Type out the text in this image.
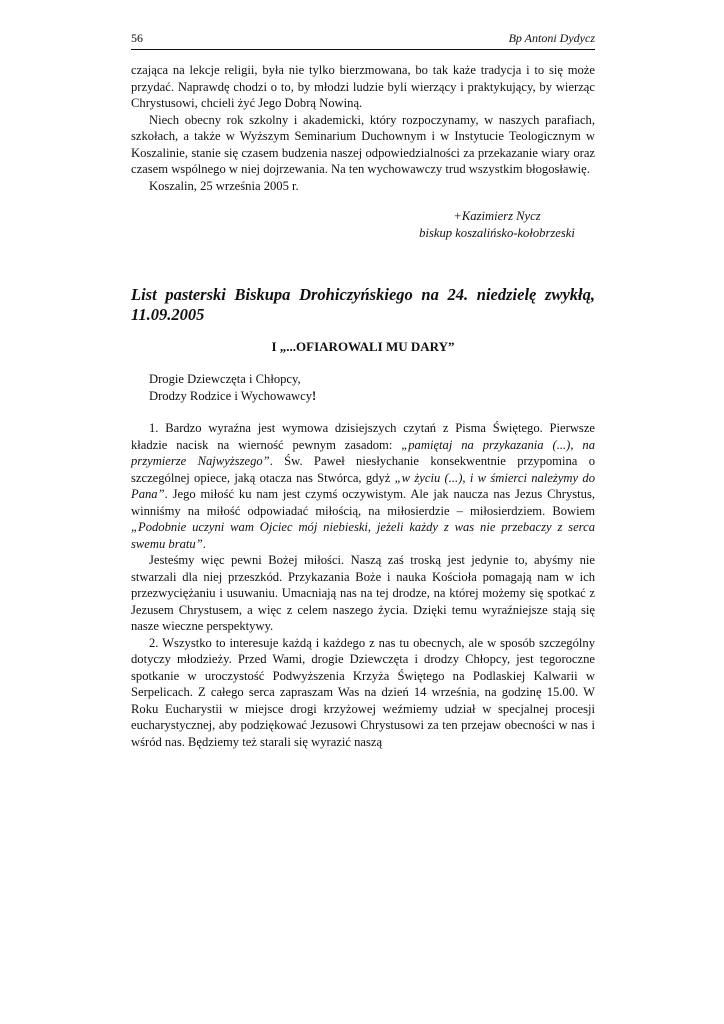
56	Bp Antoni Dydycz

czająca na lekcje religii, była nie tylko bierzmowana, bo tak każe tradycja i to się może przydać. Naprawdę chodzi o to, by młodzi ludzie byli wierzący i praktykujący, by wierząc Chrystusowi, chcieli żyć Jego Dobrą Nowiną.

Niech obecny rok szkolny i akademicki, który rozpoczynamy, w naszych parafiach, szkołach, a także w Wyższym Seminarium Duchownym i w Instytucie Teologicznym w Koszalinie, stanie się czasem budzenia naszej odpowiedzialności za przekazanie wiary oraz czasem wspólnego w niej dojrzewania. Na ten wychowawczy trud wszystkim błogosławię.

Koszalin, 25 września 2005 r.

+Kazimierz Nycz

biskup koszalińsko-kołobrzeski

List pasterski Biskupa Drohiczyńskiego na 24. niedzielę zwykłą, 11.09.2005
I „...OFIAROWALI MU DARY”

Drogie Dziewczęta i Chłopcy,

Drodzy Rodzice i Wychowawcy!

1. Bardzo wyraźna jest wymowa dzisiejszych czytań z Pisma Świętego. Pierwsze kładzie nacisk na wierność pewnym zasadom: „pamiętaj na przykazania (...), na przymierze Najwyższego”. Św. Paweł niesłychanie konsekwentnie przypomina o szczególnej opiece, jaką otacza nas Stwórca, gdyż „w życiu (...), i w śmierci należymy do Pana”. Jego miłość ku nam jest czymś oczywistym. Ale jak naucza nas Jezus Chrystus, winniśmy na miłość odpowiadać miłością, na miłosierdzie – miłosierdziem. Bowiem „Podobnie uczyni wam Ojciec mój niebieski, jeżeli każdy z was nie przebaczy z serca swemu bratu”.

Jesteśmy więc pewni Bożej miłości. Naszą zaś troską jest jedynie to, abyśmy nie stwarzali dla niej przeszkód. Przykazania Boże i nauka Kościoła pomagają nam w ich przezwyciężaniu i usuwaniu. Umacniają nas na tej drodze, na której możemy się spotkać z Jezusem Chrystusem, a więc z celem naszego życia. Dzięki temu wyraźniejsze stają się nasze wieczne perspektywy.

2. Wszystko to interesuje każdą i każdego z nas tu obecnych, ale w sposób szczególny dotyczy młodzieży. Przed Wami, drogie Dziewczęta i drodzy Chłopcy, jest tegoroczne spotkanie w uroczystość Podwyższenia Krzyża Świętego na Podlaskiej Kalwarii w Serpelicach. Z całego serca zapraszam Was na dzień 14 września, na godzinę 15.00. W Roku Eucharystii w miejsce drogi krzyżowej weźmiemy udział w specjalnej procesji eucharystycznej, aby podziękować Jezusowi Chrystusowi za ten przejaw obecności w nas i wśród nas. Będziemy też starali się wyrazić naszą
